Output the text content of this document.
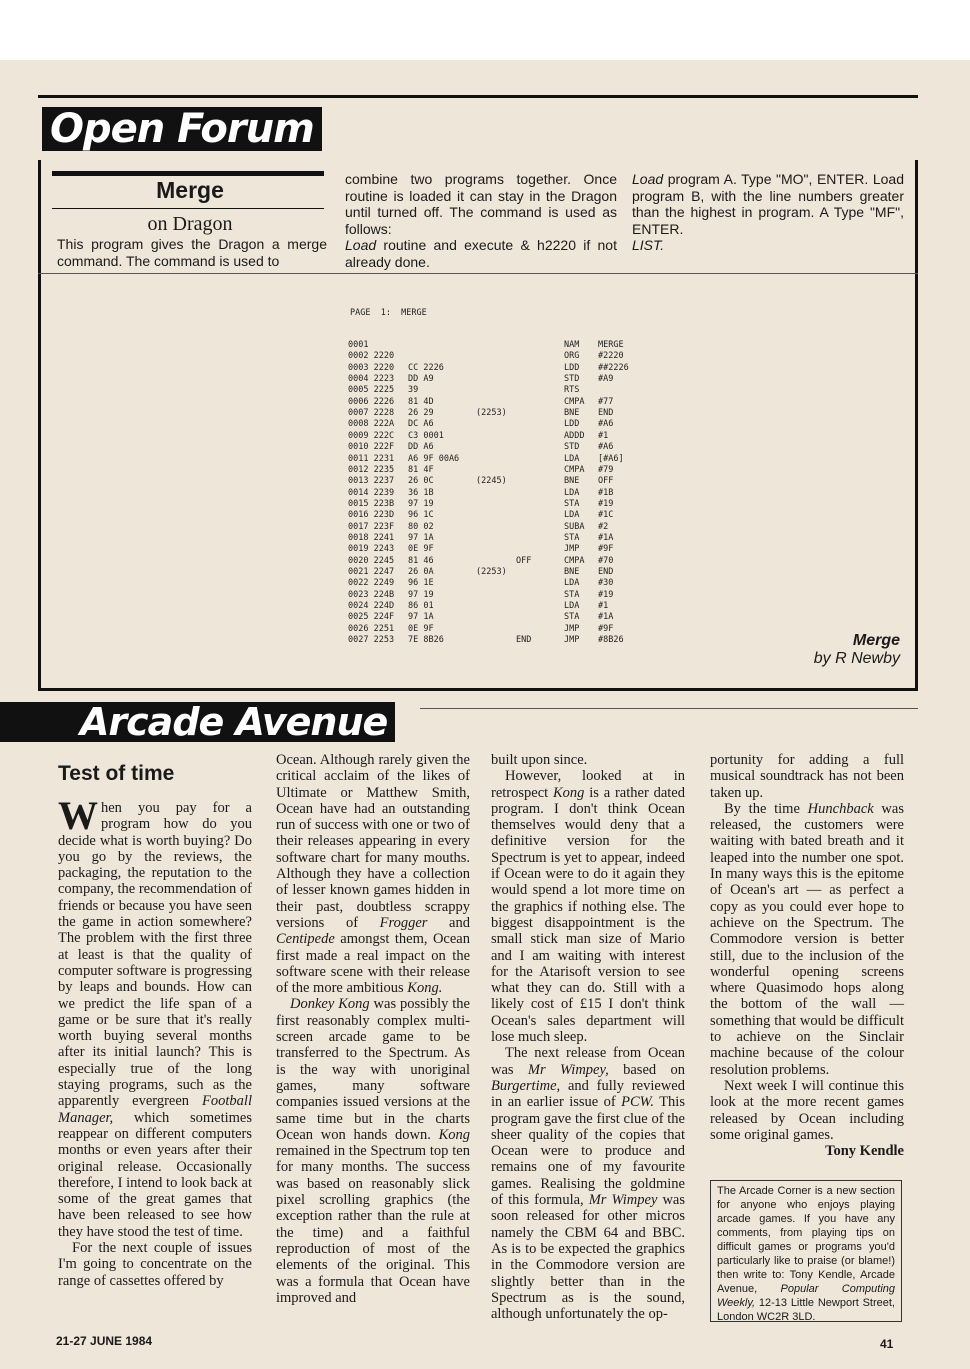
Open Forum
Merge
on Dragon

This program gives the Dragon a merge command. The command is used to

combine two programs together. Once routine is loaded it can stay in the Dragon until turned off. The command is used as follows:

Load routine and execute & h2220 if not already done.

Load program A. Type "MO", ENTER. Load program B, with the line numbers greater than the highest in program. A Type "MF", ENTER.

LIST.

PAGE  1:  MERGE
0001	NAM MERGE
0002 2220	ORG #2220
0003 2220 CC 2226	LDD ##2226
0004 2223 DD A9	STD #A9
0005 2225 39	RTS
0006 2226 81 4D	CMPA #77
0007 2228 26 29	(2253)	BNE END
0008 222A DC A6	LDD #A6
0009 222C C3 0001	ADDD #1
0010 222F DD A6	STD #A6
0011 2231 A6 9F 00A6	LDA [#A6]
0012 2235 81 4F	CMPA #79
0013 2237 26 0C	(2245)	BNE OFF
0014 2239 36 1B	LDA #1B
0015 223B 97 19	STA #19
0016 223D 96 1C	LDA #1C
0017 223F 80 02	SUBA #2
0018 2241 97 1A	STA #1A
0019 2243 0E 9F	JMP #9F
0020 2245 81 46	OFF	CMPA #70
0021 2247 26 0A	(2253)	BNE END
0022 2249 96 1E	LDA #30
0023 224B 97 19	STA #19
0024 224D 86 01	LDA #1
0025 224F 97 1A	STA #1A
0026 2251 0E 9F	JMP #9F
0027 2253 7E 8B26	END	JMP #8B26	Merge
by R Newby
Arcade Avenue
Test of time

When you pay for a program how do you decide what is worth buying? Do you go by the reviews, the packaging, the reputation to the company, the recommendation of friends or because you have seen the game in action somewhere? The problem with the first three at least is that the quality of computer software is progressing by leaps and bounds. How can we predict the life span of a game or be sure that it's really worth buying several months after its initial launch? This is especially true of the long staying programs, such as the apparently evergreen Football Manager, which sometimes reappear on different computers months or even years after their original release. Occasionally therefore, I intend to look back at some of the great games that have been released to see how they have stood the test of time.

For the next couple of issues I'm going to concentrate on the range of cassettes offered by

Ocean. Although rarely given the critical acclaim of the likes of Ultimate or Matthew Smith, Ocean have had an outstanding run of success with one or two of their releases appearing in every software chart for many mouths. Although they have a collection of lesser known games hidden in their past, doubtless scrappy versions of Frogger and Centipede amongst them, Ocean first made a real impact on the software scene with their release of the more ambitious Kong.

Donkey Kong was possibly the first reasonably complex multi-screen arcade game to be transferred to the Spectrum. As is the way with unoriginal games, many software companies issued versions at the same time but in the charts Ocean won hands down. Kong remained in the Spectrum top ten for many months. The success was based on reasonably slick pixel scrolling graphics (the exception rather than the rule at the time) and a faithful reproduction of most of the elements of the original. This was a formula that Ocean have improved and

built upon since.

However, looked at in retrospect Kong is a rather dated program. I don't think Ocean themselves would deny that a definitive version for the Spectrum is yet to appear, indeed if Ocean were to do it again they would spend a lot more time on the graphics if nothing else. The biggest disappointment is the small stick man size of Mario and I am waiting with interest for the Atarisoft version to see what they can do. Still with a likely cost of £15 I don't think Ocean's sales department will lose much sleep.

The next release from Ocean was Mr Wimpey, based on Burgertime, and fully reviewed in an earlier issue of PCW. This program gave the first clue of the sheer quality of the copies that Ocean were to produce and remains one of my favourite games. Realising the goldmine of this formula, Mr Wimpey was soon released for other micros namely the CBM 64 and BBC. As is to be expected the graphics in the Commodore version are slightly better than in the Spectrum as is the sound, although unfortunately the op-

portunity for adding a full musical soundtrack has not been taken up.

By the time Hunchback was released, the customers were waiting with bated breath and it leaped into the number one spot. In many ways this is the epitome of Ocean's art — as perfect a copy as you could ever hope to achieve on the Spectrum. The Commodore version is better still, due to the inclusion of the wonderful opening screens where Quasimodo hops along the bottom of the wall — something that would be difficult to achieve on the Sinclair machine because of the colour resolution problems.

Next week I will continue this look at the more recent games released by Ocean including some original games.

Tony Kendle

The Arcade Corner is a new section for anyone who enjoys playing arcade games. If you have any comments, from playing tips on difficult games or programs you'd particularly like to praise (or blame!) then write to: Tony Kendle, Arcade Avenue, Popular Computing Weekly, 12-13 Little Newport Street, London WC2R 3LD.
21-27 JUNE 1984	41
